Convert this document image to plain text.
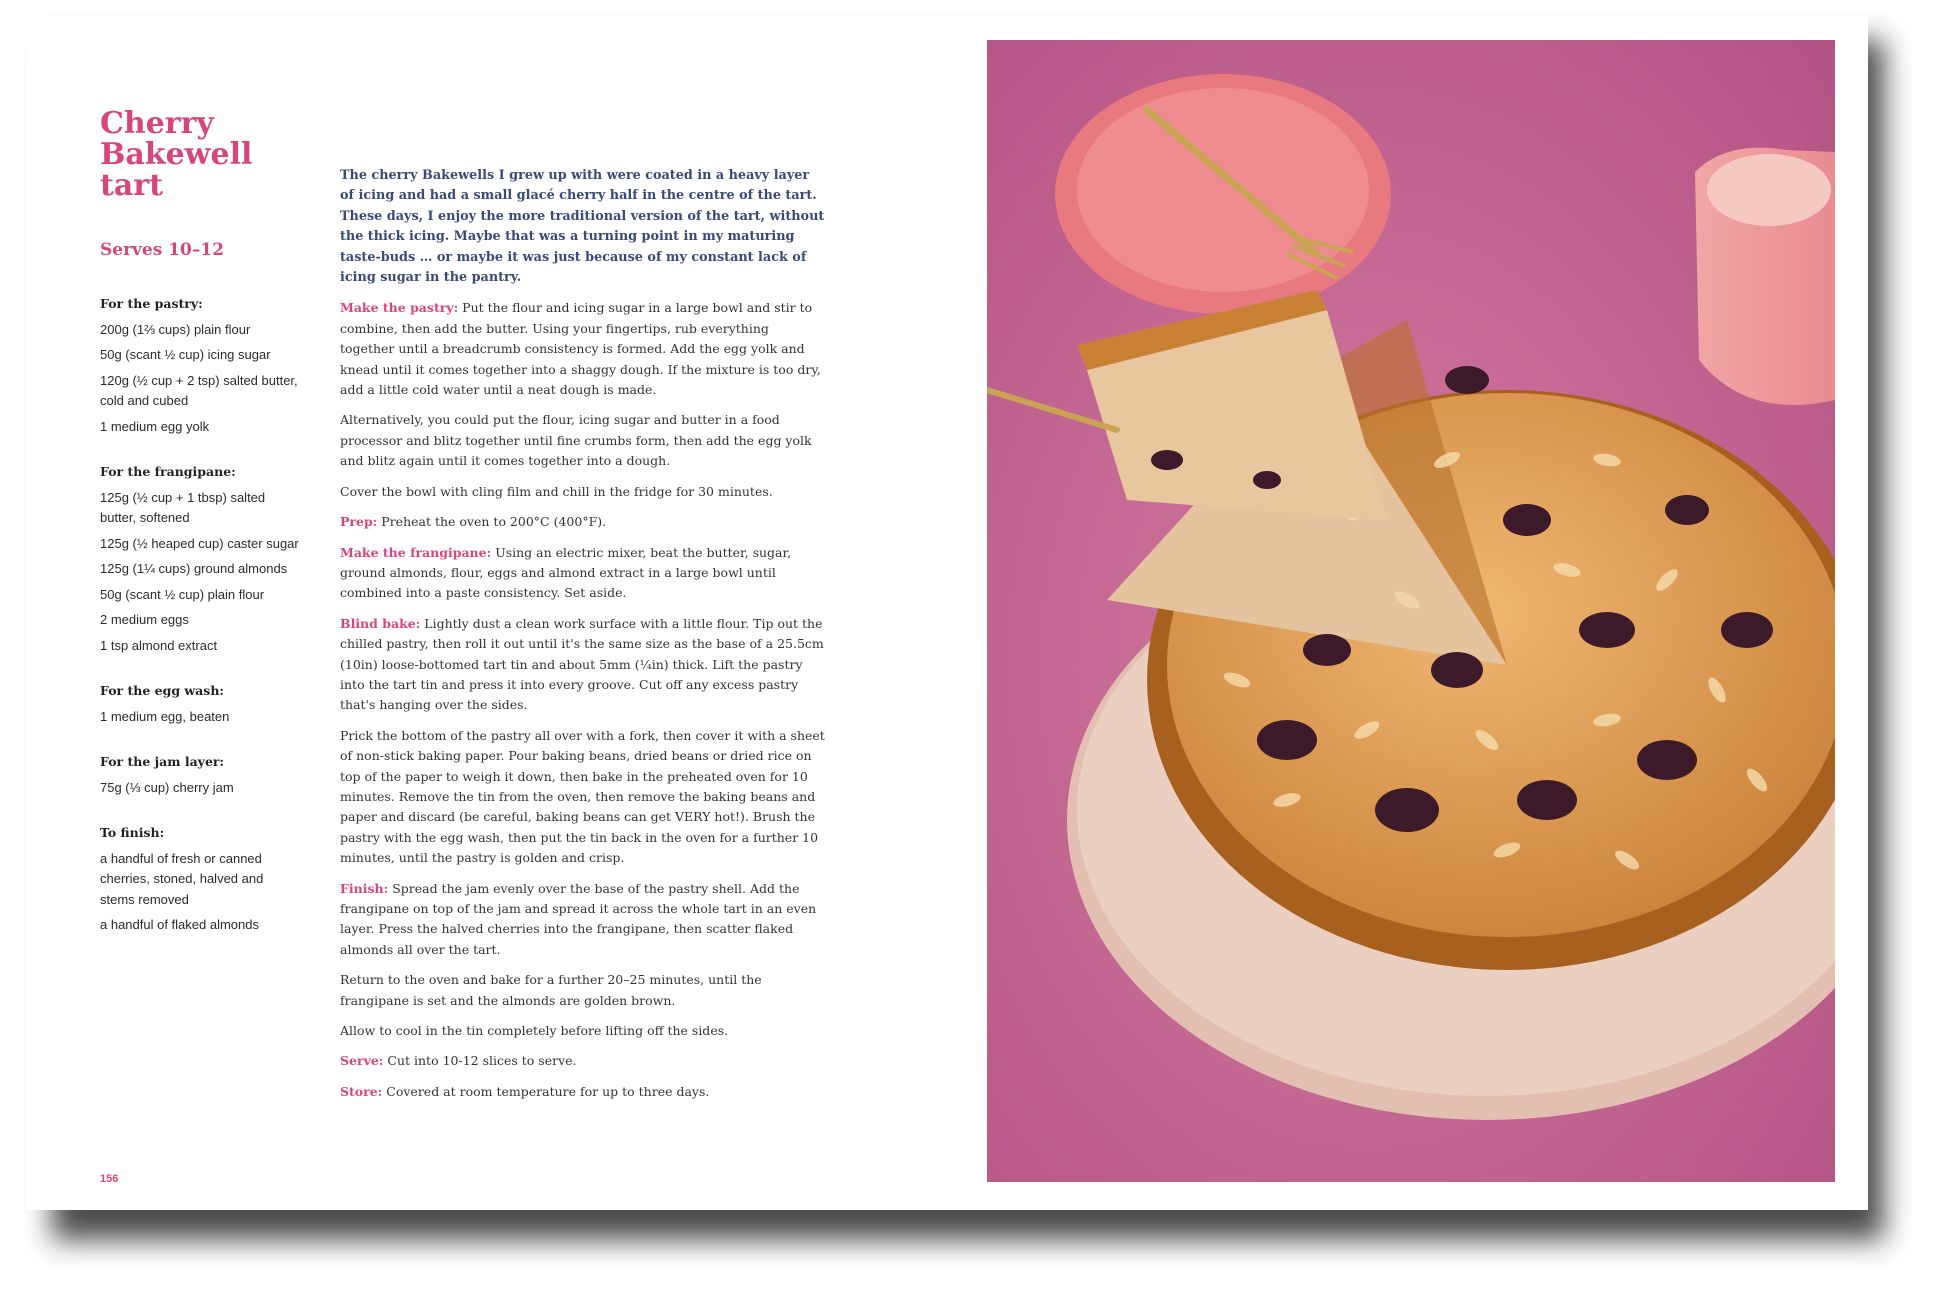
Cherry
Bakewell
tart
Serves 10–12
For the pastry:
200g (1⅔ cups) plain flour
50g (scant ½ cup) icing sugar
120g (½ cup + 2 tsp) salted butter, cold and cubed
1 medium egg yolk
For the frangipane:
125g (½ cup + 1 tbsp) salted butter, softened
125g (½ heaped cup) caster sugar
125g (1¼ cups) ground almonds
50g (scant ½ cup) plain flour
2 medium eggs
1 tsp almond extract
For the egg wash:
1 medium egg, beaten
For the jam layer:
75g (⅓ cup) cherry jam
To finish:
a handful of fresh or canned cherries, stoned, halved and stems removed
a handful of flaked almonds

The cherry Bakewells I grew up with were coated in a heavy layer of icing and had a small glacé cherry half in the centre of the tart. These days, I enjoy the more traditional version of the tart, without the thick icing. Maybe that was a turning point in my maturing taste-buds … or maybe it was just because of my constant lack of icing sugar in the pantry.

Make the pastry: Put the flour and icing sugar in a large bowl and stir to combine, then add the butter. Using your fingertips, rub everything together until a breadcrumb consistency is formed. Add the egg yolk and knead until it comes together into a shaggy dough. If the mixture is too dry, add a little cold water until a neat dough is made.

Alternatively, you could put the flour, icing sugar and butter in a food processor and blitz together until fine crumbs form, then add the egg yolk and blitz again until it comes together into a dough.

Cover the bowl with cling film and chill in the fridge for 30 minutes.

Prep: Preheat the oven to 200°C (400°F).

Make the frangipane: Using an electric mixer, beat the butter, sugar, ground almonds, flour, eggs and almond extract in a large bowl until combined into a paste consistency. Set aside.

Blind bake: Lightly dust a clean work surface with a little flour. Tip out the chilled pastry, then roll it out until it's the same size as the base of a 25.5cm (10in) loose-bottomed tart tin and about 5mm (¼in) thick. Lift the pastry into the tart tin and press it into every groove. Cut off any excess pastry that's hanging over the sides.

Prick the bottom of the pastry all over with a fork, then cover it with a sheet of non-stick baking paper. Pour baking beans, dried beans or dried rice on top of the paper to weigh it down, then bake in the preheated oven for 10 minutes. Remove the tin from the oven, then remove the baking beans and paper and discard (be careful, baking beans can get VERY hot!). Brush the pastry with the egg wash, then put the tin back in the oven for a further 10 minutes, until the pastry is golden and crisp.

Finish: Spread the jam evenly over the base of the pastry shell. Add the frangipane on top of the jam and spread it across the whole tart in an even layer. Press the halved cherries into the frangipane, then scatter flaked almonds all over the tart.

Return to the oven and bake for a further 20–25 minutes, until the frangipane is set and the almonds are golden brown.

Allow to cool in the tin completely before lifting off the sides.

Serve: Cut into 10-12 slices to serve.

Store: Covered at room temperature for up to three days.

156
